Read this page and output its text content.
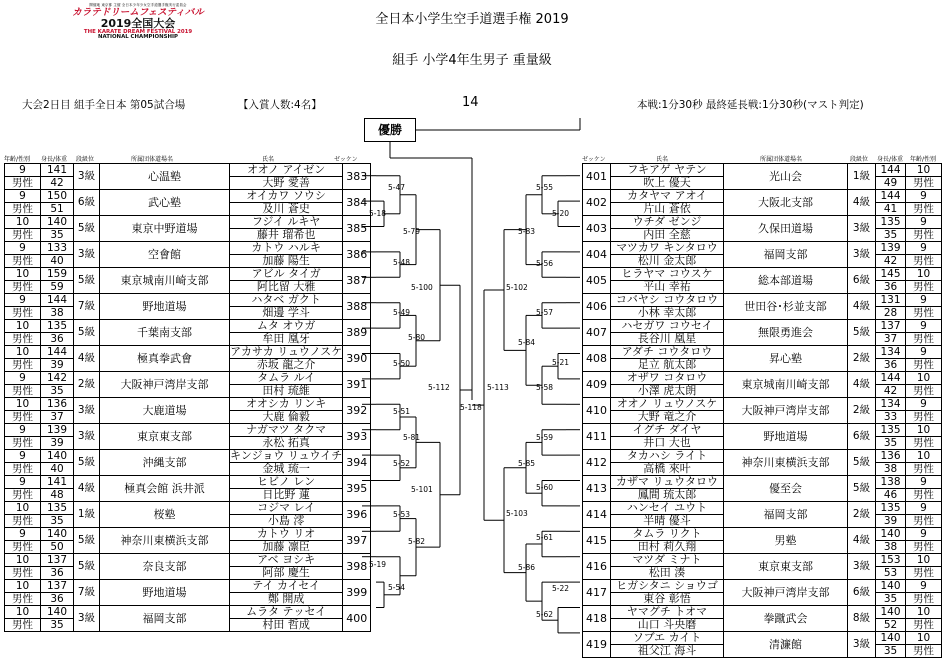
開催地 東京都 主催 全日本少年少女空手道選手権実行委員会
カラテドリームフェスティバル
2019全国大会
THE KARATE DREAM FESTIVAL 2019
NATIONAL CHAMPIONSHIP
全日本小学生空手道選手権 2019
組手 小学4年生男子 重量級
大会2日目 組手全日本 第05試合場	【入賞人数:4名】	14	本戦:1分30秒 最終延長戦:1分30秒(マスト判定)
優勝
年齢/性別 身長/体重 段級位	所属団体道場名	氏名	ゼッケン	ゼッケン	氏名	所属団体道場名	段級位 身長/体重 年齢/性別
9	141	3級	心温塾	オオノ アイゼン	383
男性	42			大野 愛善	
9	150	6級	武心塾	オイカワ ソウシ	384
男性	51			及川 蒼史	
10	140	5級	東京中野道場	フジイ ルキヤ	385
男性	35			藤井 瑠希也	
9	133	3級	空會館	カトウ ハルキ	386
男性	40			加藤 陽生	
10	159	5級	東京城南川崎支部	アビル タイガ	387
男性	59			阿比留 大雅	
9	144	7級	野地道場	ハタベ ガクト	388
男性	38			畑邊 学斗	
10	135	5級	千葉南支部	ムタ オウガ	389
男性	36			牟田 凰牙	
10	144	4級	極真拳武會	アカサカ リュウノスケ	390
男性	39			赤坂 龍之介	
9	142	2級	大阪神戸湾岸支部	タムラ ルイ	391
男性	35			田村 琉維	
10	136	3級	大鹿道場	オオシカ リンキ	392
男性	37			大鹿 倫毅	
9	139	3級	東京東支部	ナガマツ タクマ	393
男性	39			永松 拓真	
9	140	5級	沖縄支部	キンジョウ リュウイチ	394
男性	40			金城 琉一	
9	141	4級	極真会館 浜井派	ヒビノ レン	395
男性	48			日比野 蓮	
10	135	1級	桜塾	コジマ レイ	396
男性	35			小島 澪	
9	140	5級	神奈川東横浜支部	カトウ リオ	397
男性	50			加藤 凛臣	
10	137	5級	奈良支部	アベ ヨシキ	398
男性	36			阿部 慶生	
10	137	7級	野地道場	テイ カイセイ	399
男性	36			鄭 開成	
10	140	3級	福岡支部	ムラタ テッセイ	400
男性	35			村田 哲成	
401	フキアゲ ヤテン	光山会	1級	144	10
	吹上 優天			49	男性
402	カタヤマ アオイ	大阪北支部	4級	144	9
	片山 蒼依			41	男性
403	ウチダ ゼンジ	久保田道場	3級	135	9
	内田 全慈			35	男性
404	マツカワ キンタロウ	福岡支部	3級	139	9
	松川 金太郎			42	男性
405	ヒラヤマ コウスケ	総本部道場	6級	145	10
	平山 幸祐			36	男性
406	コバヤシ コウタロウ	世田谷･杉並支部	4級	131	9
	小林 幸太郎			28	男性
407	ハセガワ コウセイ	無限勇進会	5級	137	9
	長谷川 凰星			37	男性
408	アダチ コウタロウ	昇心塾	2級	134	9
	足立 航太郎			36	男性
409	オザワ コタロウ	東京城南川崎支部	4級	144	10
	小澤 虎太朗			42	男性
410	オオノ リュウノスケ	大阪神戸湾岸支部	2級	134	9
	大野 竜之介			33	男性
411	イグチ ダイヤ	野地道場	6級	135	10
	井口 大也			35	男性
412	タカハシ ライト	神奈川東横浜支部	5級	136	10
	高橋 來叶			38	男性
413	カザマ リュウタロウ	優至会	5級	138	9
	鳳間 琉太郎			46	男性
414	ハンセイ ユウト	福岡支部	2級	135	9
	半晴 優斗			39	男性
415	タムラ リクト	男塾	4級	140	9
	田村 莉久翔			38	男性
416	マツダ ミナト	東京東支部	3級	153	10
	松田 湊			53	男性
417	ヒガシタニ ショウゴ	大阪神戸湾岸支部	6級	140	9
	東谷 彰悟			35	男性
418	ヤマグチ トオマ	拳蹴武会	8級	140	10
	山口 斗央磨			52	男性
419	ソブエ カイト	清濂館	3級	140	10
	祖父江 海斗			35	男性
5-47
5-18
5-79
5-48
5-100
5-49
5-80
5-50
5-112
5-51
5-81
5-52
5-101
5-53
5-82
5-19
5-54
5-55
5-20
5-83
5-56
5-102
5-57
5-84
5-21
5-58
5-113
5-59
5-85
5-60
5-103
5-61
5-86
5-22
5-62
5-118
